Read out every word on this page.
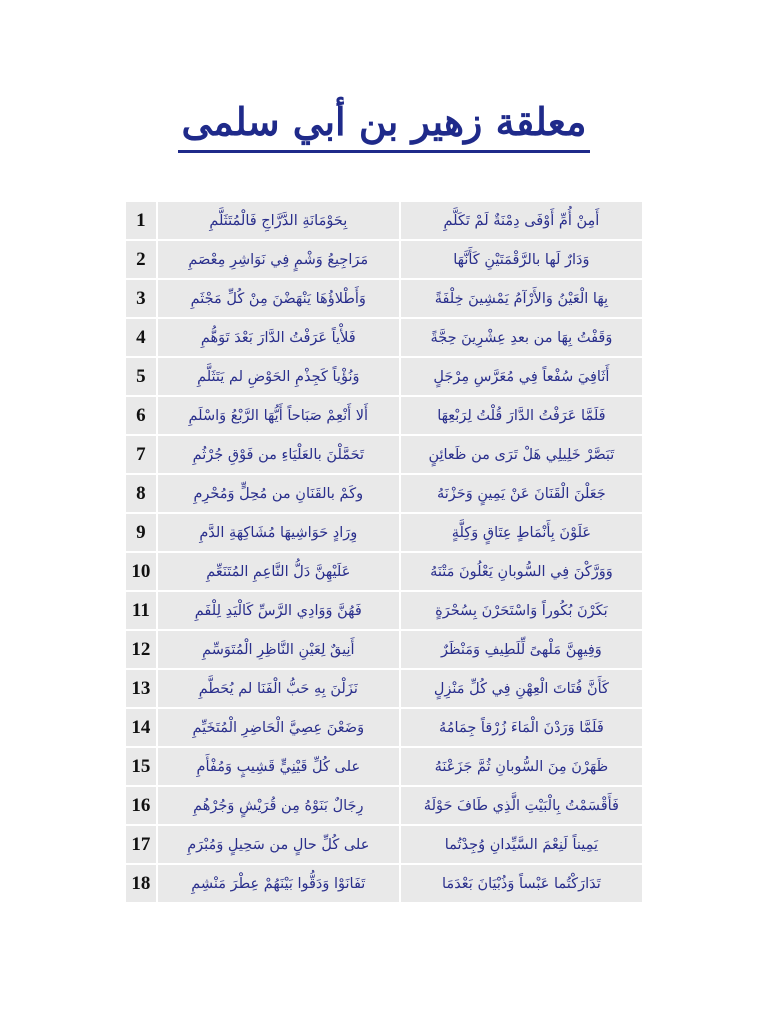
معلقة زهير بن أبي سلمى
1	بِحَوْمَانَةِ الدَّرَّاجِ فَالْمُتَثَلَّمِ	أَمِنْ أُمِّ أَوْفَى دِمْنَةٌ لَمْ تَكَلَّمِ
2	مَرَاجِيعُ وَشْمٍ فِي نَوَاشِرِ مِعْصَمِ	وَدَارٌ لَها بالرَّقْمَتَيْنِ كَأَنَّهَا
3	وَأَطْلاؤُهَا يَنْهَضْنَ مِنْ كُلِّ مَجْثَمِ	بِهَا الْعَيْنُ وَالأَرْآمُ يَمْشِينَ خِلْفَةً
4	فَلأْياً عَرَفْتُ الدَّارَ بَعْدَ تَوَهُّمِ	وَقَفْتُ بِهَا من بعدِ عِشْرِينَ حِجَّةً
5	وَنُؤْياً كَجِذْمِ الحَوْضِ لم يَتَثَلَّمِ	أَثَافِيَ سُفْعاً فِي مُعَرَّسِ مِرْجَلٍ
6	أَلا أَنْعِمْ صَبَاحاً أَيُّهَا الرَّبْعُ وَاسْلَمِ	فَلَمَّا عَرَفْتُ الدَّارَ قُلْتُ لِرَبْعِهَا
7	تَحَمَّلْنَ بالعَلْيَاءِ من فَوْقِ جُرْثُمِ	تَبَصَّرْ خَلِيلِي هَلْ تَرَى من ظَعائِنٍ
8	وكَمْ بالقَنَانِ من مُحِلٍّ وَمُحْرِمِ	جَعَلْنَ الْقَنَانَ عَنْ يَمِينٍ وَحَزْنَهُ
9	وِرَادٍ حَوَاشِيهَا مُشَاكِهَةِ الدَّمِ	عَلَوْنَ بِأَنْمَاطٍ عِتَاقٍ وَكِلَّةٍ
10	عَلَيْهِنَّ دَلُّ النَّاعِمِ المُتَنَعِّمِ	وَوَرَّكْنَ فِي السُّوبانِ يَعْلُونَ مَتْنَهُ
11	فَهُنَّ وَوَادِي الرَّسِّ كَالْيَدِ لِلْفَمِ	بَكَرْنَ بُكُوراً وَاسْتَحَرْنَ بِسُحْرَةٍ
12	أَنِيقٌ لِعَيْنِ النَّاظِرِ الْمُتَوَسِّمِ	وَفِيهِنَّ مَلْهىً لِّلَطِيفِ وَمَنْظَرٌ
13	نَزَلْنَ بِهِ حَبُّ الْفَنَا لم يُحَطَّمِ	كَأَنَّ فُتَاتَ الْعِهْنِ فِي كُلِّ مَنْزِلٍ
14	وَضَعْنَ عِصِيَّ الْحَاضِرِ الْمُتَخَيِّمِ	فَلَمَّا وَرَدْنَ الْمَاءَ زُرْقاً جِمَامُهُ
15	على كُلِّ قَيْنِيٍّ قَشِيبٍ وَمُفْأَمِ	ظَهَرْنَ مِنَ السُّوبانِ ثُمَّ جَزَعْنَهُ
16	رِجَالٌ بَنَوْهُ مِن قُرَيْشٍ وَجُرْهُمِ	فَأَقْسَمْتُ بِالْبَيْتِ الَّذِي طَافَ حَوْلَهُ
17	على كُلِّ حالٍ من سَحِيلٍ وَمُبْرَمِ	يَمِيناً لَنِعْمَ السَّيِّدانِ وُجِدْتُما
18	تَفَانَوْا وَدَقُّوا بَيْنَهُمْ عِطْرَ مَنْشِمِ	تَدَارَكْتُما عَبْساً وَذُبْيَانَ بَعْدَمَا
